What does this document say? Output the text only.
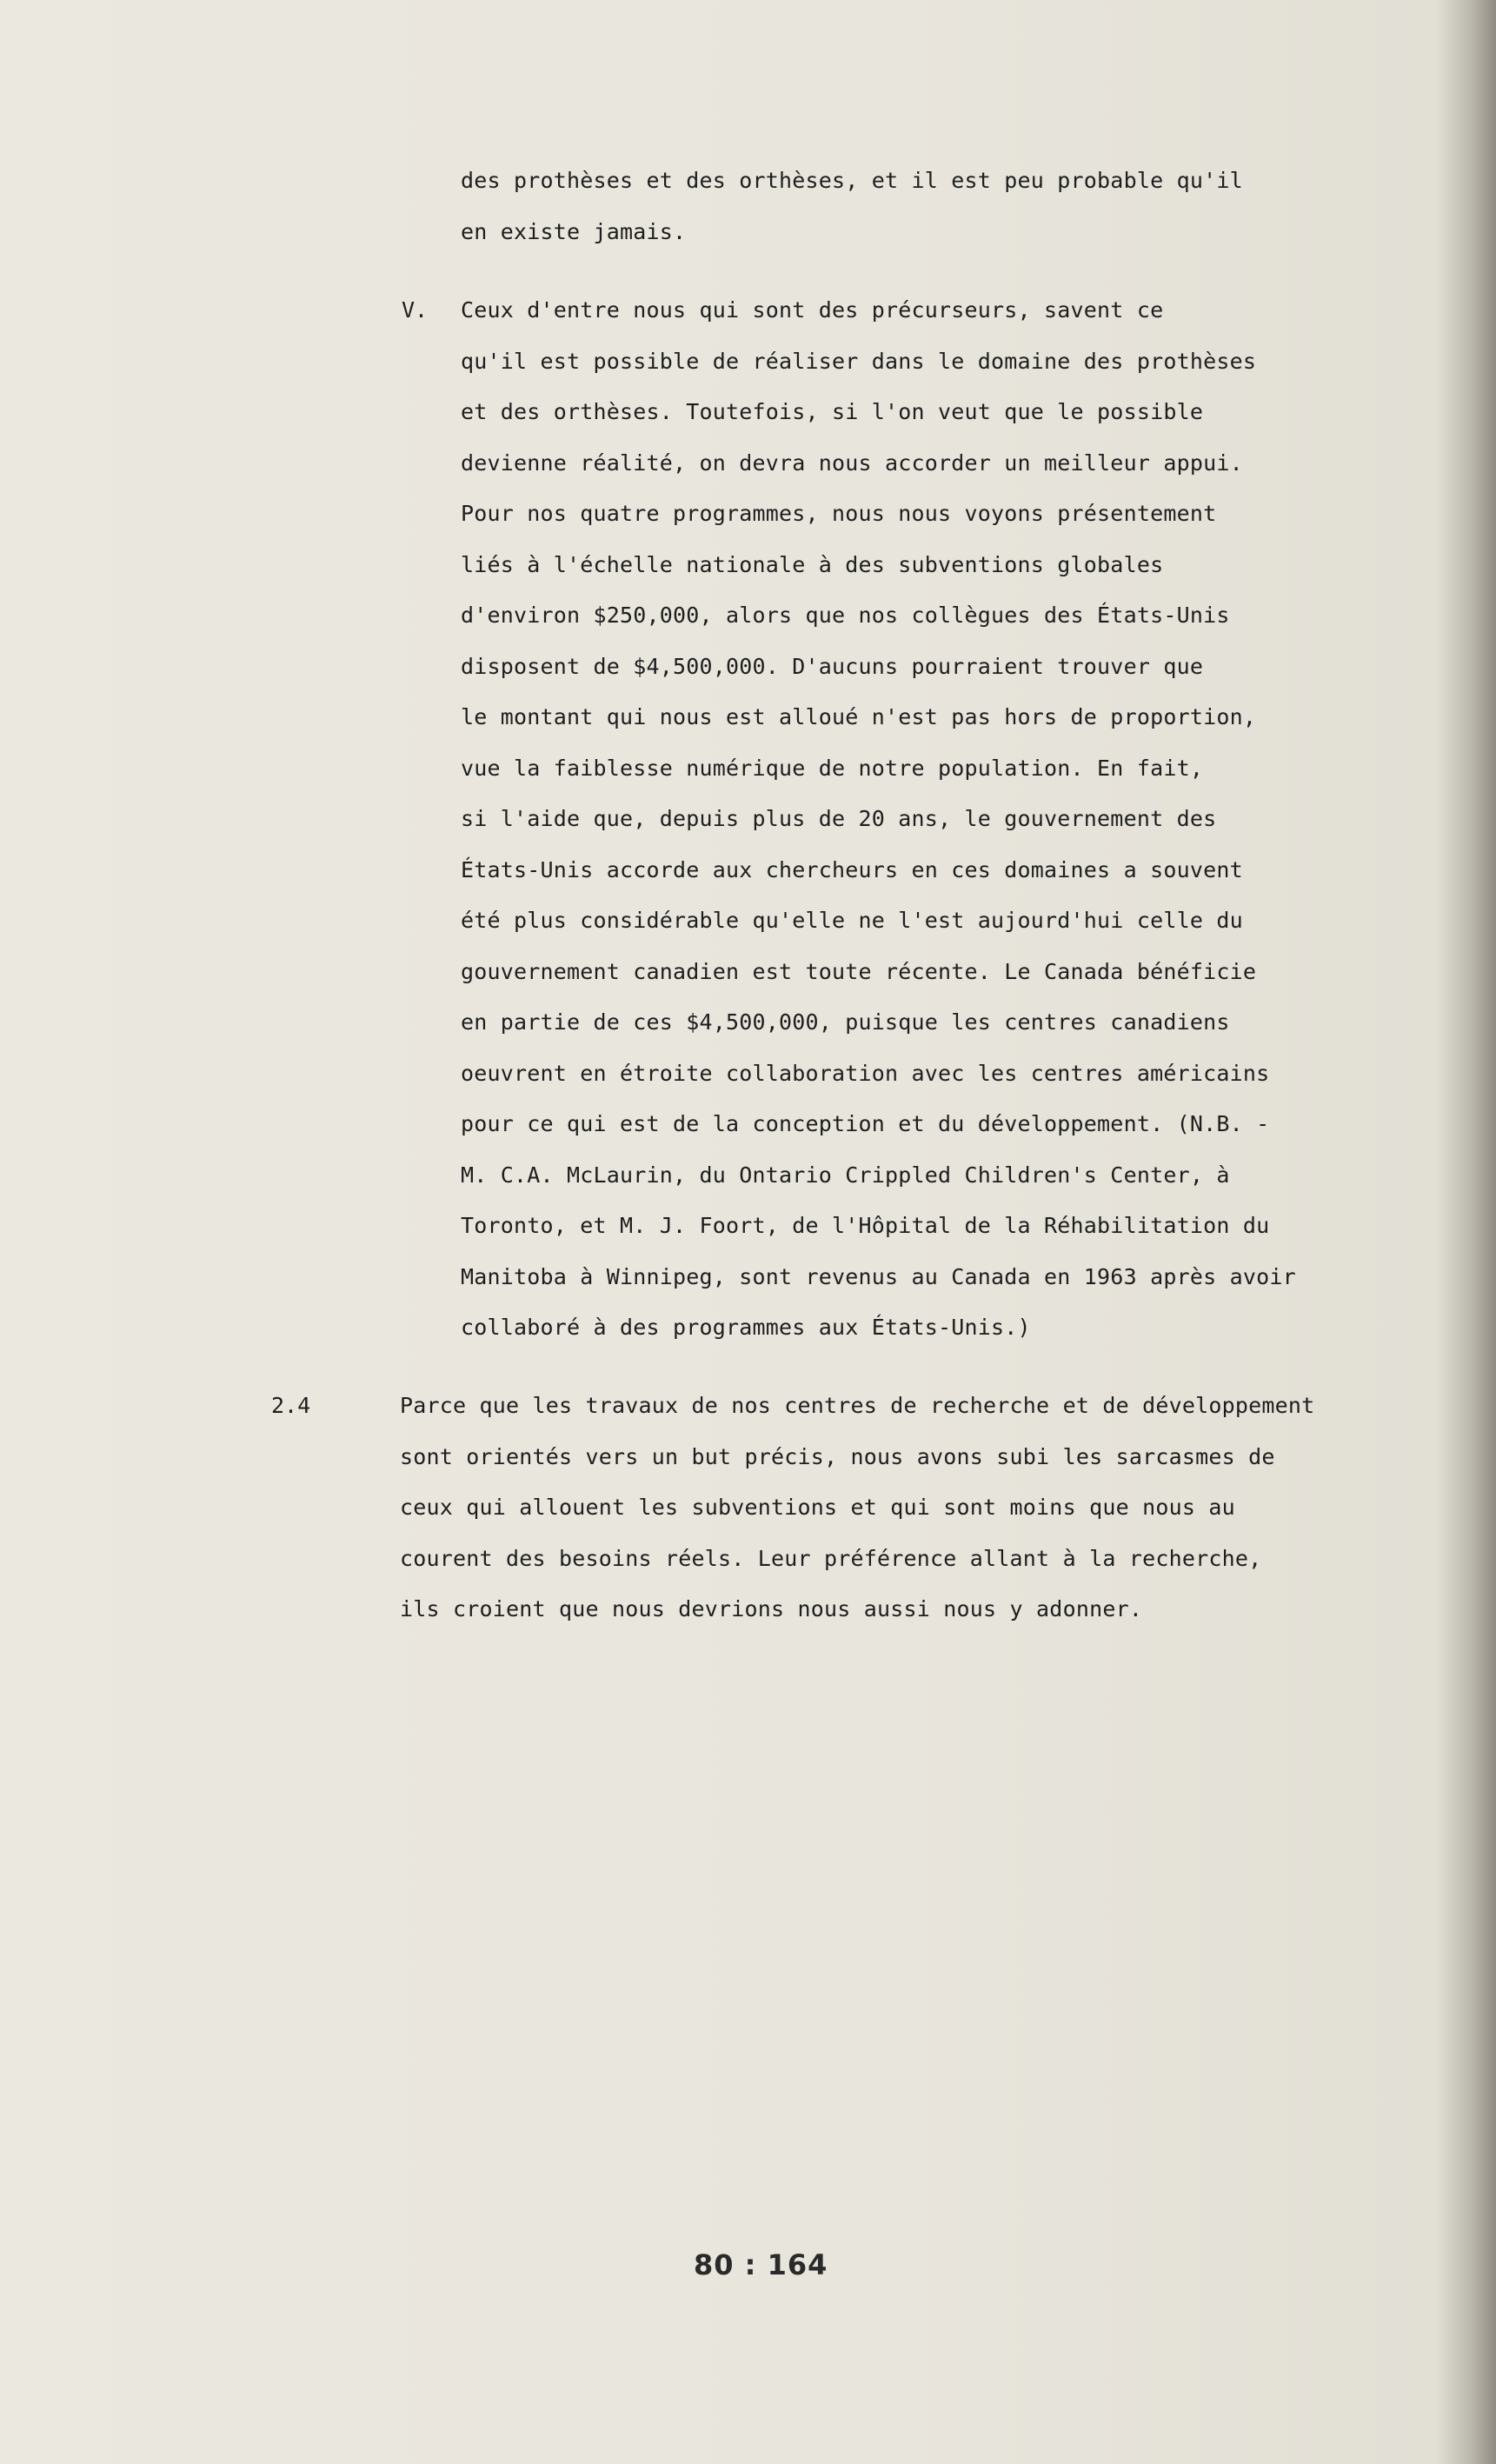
des prothèses et des orthèses, et il est peu probable qu'il
en existe jamais.
V. Ceux d'entre nous qui sont des précurseurs, savent ce
qu'il est possible de réaliser dans le domaine des prothèses
et des orthèses. Toutefois, si l'on veut que le possible
devienne réalité, on devra nous accorder un meilleur appui.
Pour nos quatre programmes, nous nous voyons présentement
liés à l'échelle nationale à des subventions globales
d'environ $250,000, alors que nos collègues des États-Unis
disposent de $4,500,000. D'aucuns pourraient trouver que
le montant qui nous est alloué n'est pas hors de proportion,
vue la faiblesse numérique de notre population. En fait,
si l'aide que, depuis plus de 20 ans, le gouvernement des
États-Unis accorde aux chercheurs en ces domaines a souvent
été plus considérable qu'elle ne l'est aujourd'hui celle du
gouvernement canadien est toute récente. Le Canada bénéficie
en partie de ces $4,500,000, puisque les centres canadiens
oeuvrent en étroite collaboration avec les centres américains
pour ce qui est de la conception et du développement. (N.B. -
M. C.A. McLaurin, du Ontario Crippled Children's Center, à
Toronto, et M. J. Foort, de l'Hôpital de la Réhabilitation du
Manitoba à Winnipeg, sont revenus au Canada en 1963 après avoir
collaboré à des programmes aux États-Unis.)
2.4	Parce que les travaux de nos centres de recherche et de développement
sont orientés vers un but précis, nous avons subi les sarcasmes de
ceux qui allouent les subventions et qui sont moins que nous au
courent des besoins réels. Leur préférence allant à la recherche,
ils croient que nous devrions nous aussi nous y adonner.
80 : 164
